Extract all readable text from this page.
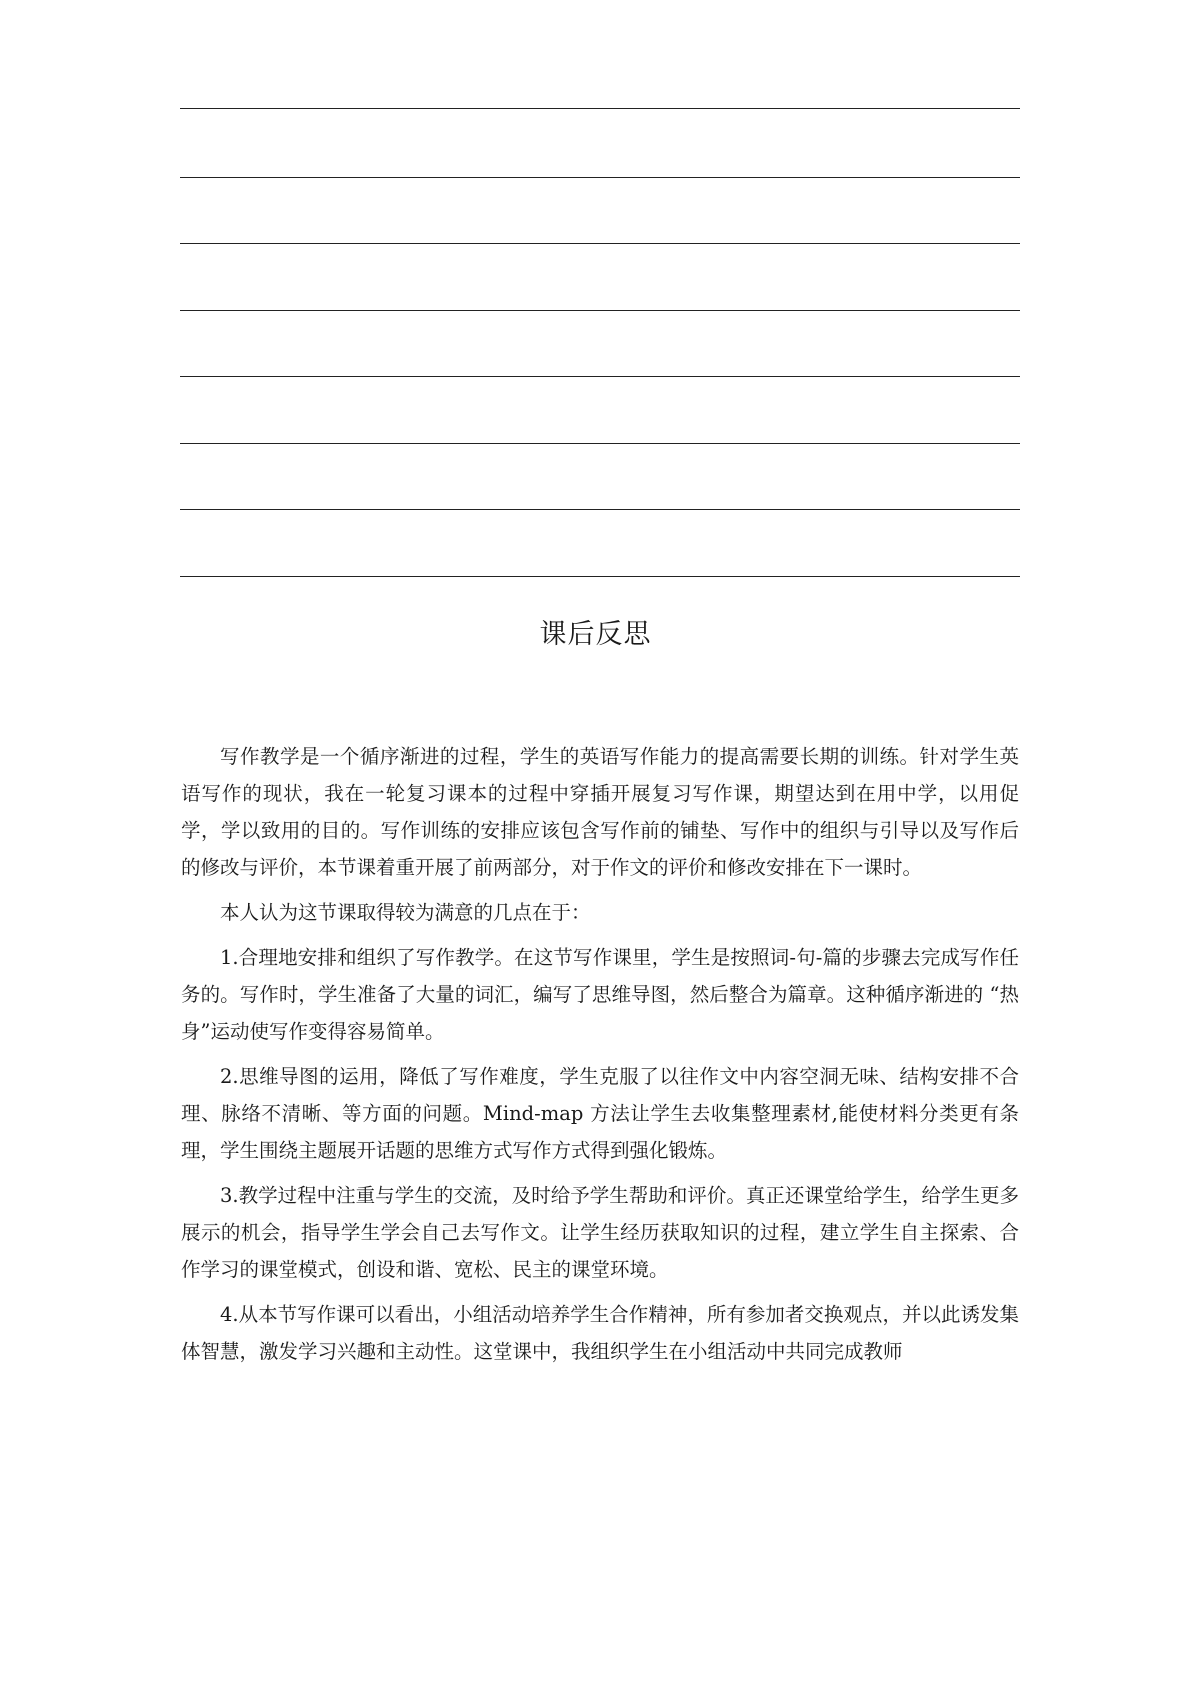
课后反思

写作教学是一个循序渐进的过程，学生的英语写作能力的提高需要长期的训练。针对学生英语写作的现状，我在一轮复习课本的过程中穿插开展复习写作课，期望达到在用中学，以用促学，学以致用的目的。写作训练的安排应该包含写作前的铺垫、写作中的组织与引导以及写作后的修改与评价，本节课着重开展了前两部分，对于作文的评价和修改安排在下一课时。

本人认为这节课取得较为满意的几点在于：

1.合理地安排和组织了写作教学。在这节写作课里，学生是按照词-句-篇的步骤去完成写作任务的。写作时，学生准备了大量的词汇，编写了思维导图，然后整合为篇章。这种循序渐进的 “热身”运动使写作变得容易简单。

2.思维导图的运用，降低了写作难度，学生克服了以往作文中内容空洞无味、结构安排不合理、脉络不清晰、等方面的问题。Mind-map 方法让学生去收集整理素材,能使材料分类更有条理，学生围绕主题展开话题的思维方式写作方式得到强化锻炼。

3.教学过程中注重与学生的交流，及时给予学生帮助和评价。真正还课堂给学生，给学生更多展示的机会，指导学生学会自己去写作文。让学生经历获取知识的过程，建立学生自主探索、合作学习的课堂模式，创设和谐、宽松、民主的课堂环境。

4.从本节写作课可以看出，小组活动培养学生合作精神，所有参加者交换观点，并以此诱发集体智慧，激发学习兴趣和主动性。这堂课中，我组织学生在小组活动中共同完成教师
